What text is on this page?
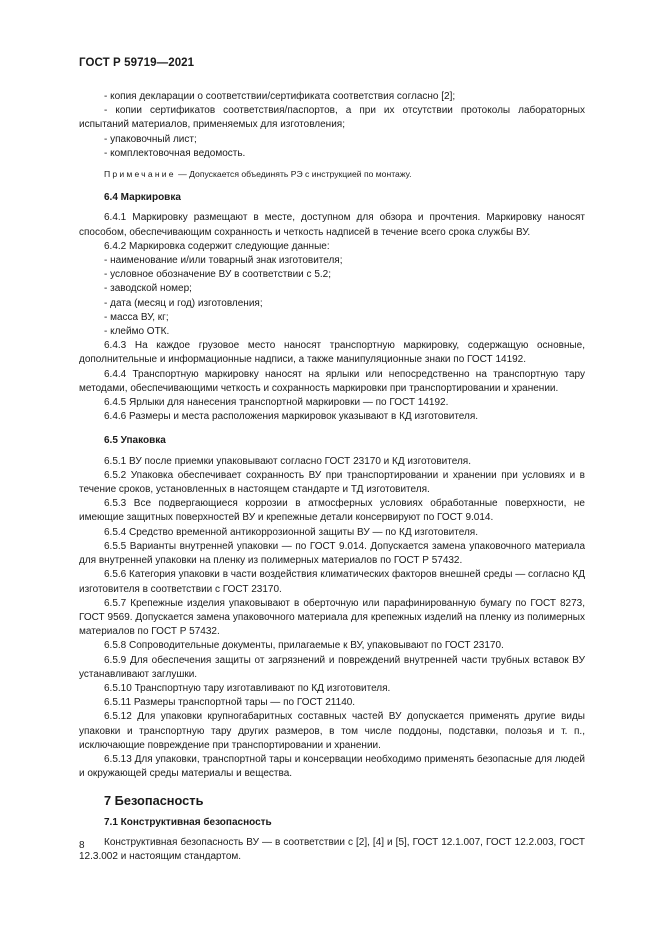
ГОСТ Р 59719—2021

- копия декларации о соответствии/сертификата соответствия согласно [2];

- копии сертификатов соответствия/паспортов, а при их отсутствии протоколы лабораторных испытаний материалов, применяемых для изготовления;

- упаковочный лист;

- комплектовочная ведомость.

Примечание — Допускается объединять РЭ с инструкцией по монтажу.

6.4 Маркировка

6.4.1 Маркировку размещают в месте, доступном для обзора и прочтения. Маркировку наносят способом, обеспечивающим сохранность и четкость надписей в течение всего срока службы ВУ.

6.4.2 Маркировка содержит следующие данные:

- наименование и/или товарный знак изготовителя;

- условное обозначение ВУ в соответствии с 5.2;

- заводской номер;

- дата (месяц и год) изготовления;

- масса ВУ, кг;

- клеймо ОТК.

6.4.3 На каждое грузовое место наносят транспортную маркировку, содержащую основные, дополнительные и информационные надписи, а также манипуляционные знаки по ГОСТ 14192.

6.4.4 Транспортную маркировку наносят на ярлыки или непосредственно на транспортную тару методами, обеспечивающими четкость и сохранность маркировки при транспортировании и хранении.

6.4.5 Ярлыки для нанесения транспортной маркировки — по ГОСТ 14192.

6.4.6 Размеры и места расположения маркировок указывают в КД изготовителя.

6.5 Упаковка

6.5.1 ВУ после приемки упаковывают согласно ГОСТ 23170 и КД изготовителя.

6.5.2 Упаковка обеспечивает сохранность ВУ при транспортировании и хранении при условиях и в течение сроков, установленных в настоящем стандарте и ТД изготовителя.

6.5.3 Все подвергающиеся коррозии в атмосферных условиях обработанные поверхности, не имеющие защитных поверхностей ВУ и крепежные детали консервируют по ГОСТ 9.014.

6.5.4 Средство временной антикоррозионной защиты ВУ — по КД изготовителя.

6.5.5 Варианты внутренней упаковки — по ГОСТ 9.014. Допускается замена упаковочного материала для внутренней упаковки на пленку из полимерных материалов по ГОСТ Р 57432.

6.5.6 Категория упаковки в части воздействия климатических факторов внешней среды — согласно КД изготовителя в соответствии с ГОСТ 23170.

6.5.7 Крепежные изделия упаковывают в оберточную или парафинированную бумагу по ГОСТ 8273, ГОСТ 9569. Допускается замена упаковочного материала для крепежных изделий на пленку из полимерных материалов по ГОСТ Р 57432.

6.5.8 Сопроводительные документы, прилагаемые к ВУ, упаковывают по ГОСТ 23170.

6.5.9 Для обеспечения защиты от загрязнений и повреждений внутренней части трубных вставок ВУ устанавливают заглушки.

6.5.10 Транспортную тару изготавливают по КД изготовителя.

6.5.11 Размеры транспортной тары — по ГОСТ 21140.

6.5.12 Для упаковки крупногабаритных составных частей ВУ допускается применять другие виды упаковки и транспортную тару других размеров, в том числе поддоны, подставки, полозья и т. п., исключающие повреждение при транспортировании и хранении.

6.5.13 Для упаковки, транспортной тары и консервации необходимо применять безопасные для людей и окружающей среды материалы и вещества.

7 Безопасность

7.1 Конструктивная безопасность

Конструктивная безопасность ВУ — в соответствии с [2], [4] и [5], ГОСТ 12.1.007, ГОСТ 12.2.003, ГОСТ 12.3.002 и настоящим стандартом.

8
